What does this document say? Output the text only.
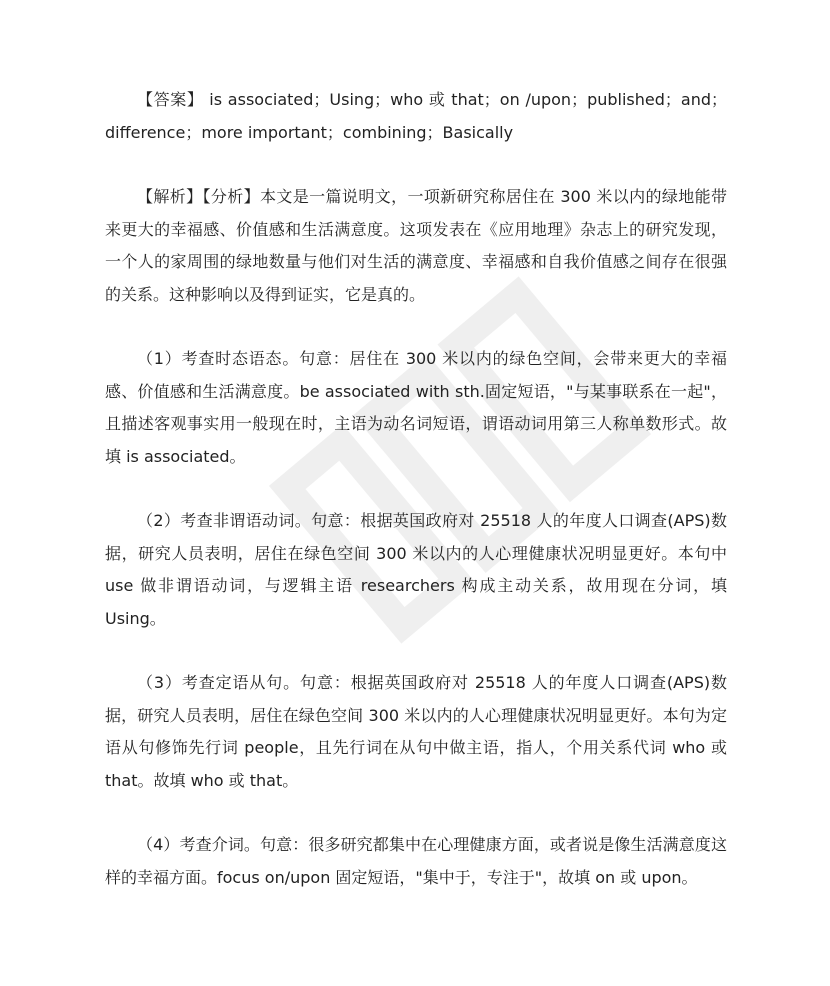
【答案】 is associated；Using；who 或 that；on /upon；published；and；difference；more important；combining；Basically

【解析】【分析】本文是一篇说明文，一项新研究称居住在 300 米以内的绿地能带来更大的幸福感、价值感和生活满意度。这项发表在《应用地理》杂志上的研究发现，一个人的家周围的绿地数量与他们对生活的满意度、幸福感和自我价值感之间存在很强的关系。这种影响以及得到证实，它是真的。

（1）考查时态语态。句意：居住在 300 米以内的绿色空间，会带来更大的幸福感、价值感和生活满意度。be associated with sth.固定短语，"与某事联系在一起"，且描述客观事实用一般现在时，主语为动名词短语，谓语动词用第三人称单数形式。故填 is associated。

（2）考查非谓语动词。句意：根据英国政府对 25518 人的年度人口调查(APS)数据，研究人员表明，居住在绿色空间 300 米以内的人心理健康状况明显更好。本句中 use 做非谓语动词，与逻辑主语 researchers 构成主动关系，故用现在分词，填 Using。

（3）考查定语从句。句意：根据英国政府对 25518 人的年度人口调查(APS)数据，研究人员表明，居住在绿色空间 300 米以内的人心理健康状况明显更好。本句为定语从句修饰先行词 people，且先行词在从句中做主语，指人，个用关系代词 who 或 that。故填 who 或 that。

（4）考查介词。句意：很多研究都集中在心理健康方面，或者说是像生活满意度这样的幸福方面。focus on/upon 固定短语，"集中于，专注于"，故填 on 或 upon。
